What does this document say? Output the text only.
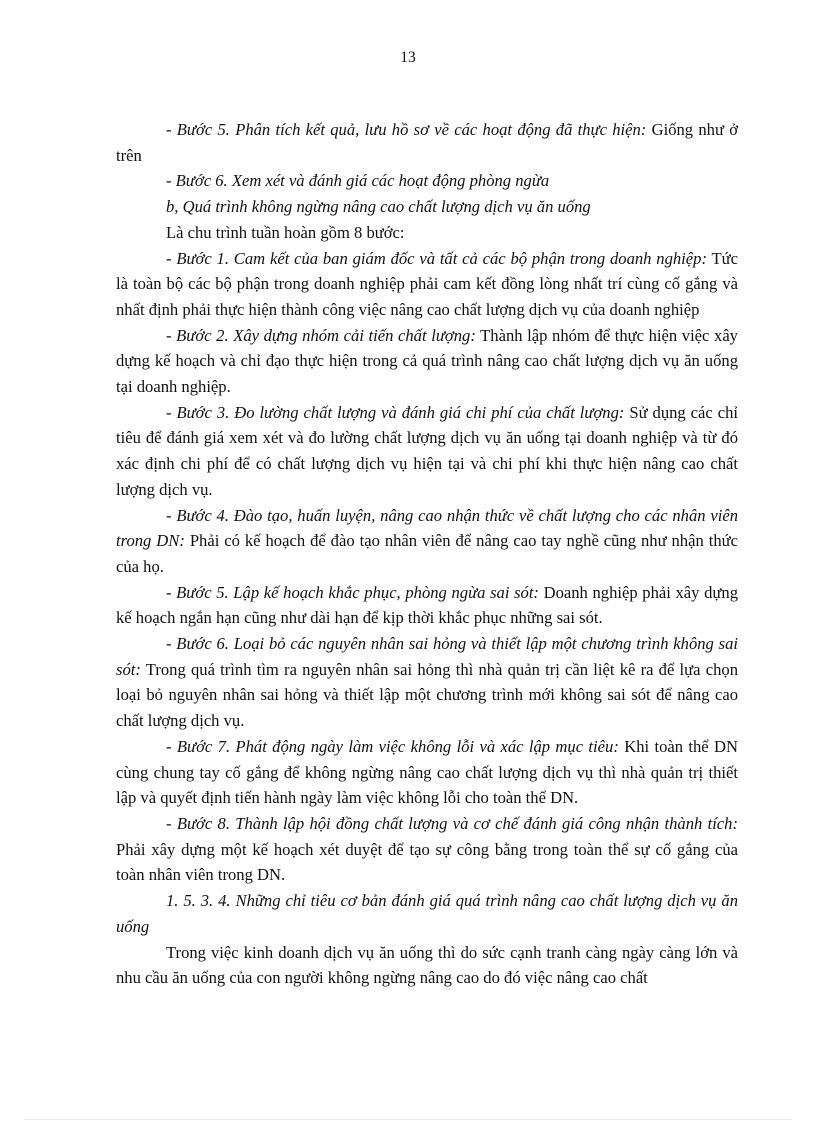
13

- Bước 5. Phân tích kết quả, lưu hồ sơ về các hoạt động đã thực hiện: Giống như ở trên

- Bước 6. Xem xét và đánh giá các hoạt động phòng ngừa

b, Quá trình không ngừng nâng cao chất lượng dịch vụ ăn uống

Là chu trình tuần hoàn gồm 8 bước:

- Bước 1. Cam kết của ban giám đốc và tất cả các bộ phận trong doanh nghiệp: Tức là toàn bộ các bộ phận trong doanh nghiệp phải cam kết đồng lòng nhất trí cùng cố gắng và nhất định phải thực hiện thành công việc nâng cao chất lượng dịch vụ của doanh nghiệp

- Bước 2. Xây dựng nhóm cải tiến chất lượng: Thành lập nhóm để thực hiện việc xây dựng kế hoạch và chỉ đạo thực hiện trong cả quá trình nâng cao chất lượng dịch vụ ăn uống tại doanh nghiệp.

- Bước 3. Đo lường chất lượng và đánh giá chi phí của chất lượng: Sử dụng các chỉ tiêu để đánh giá xem xét và đo lường chất lượng dịch vụ ăn uống tại doanh nghiệp và từ đó xác định chi phí để có chất lượng dịch vụ hiện tại và chi phí khi thực hiện nâng cao chất lượng dịch vụ.

- Bước 4. Đào tạo, huấn luyện, nâng cao nhận thức về chất lượng cho các nhân viên trong DN: Phải có kế hoạch để đào tạo nhân viên để nâng cao tay nghề cũng như nhận thức của họ.

- Bước 5. Lập kế hoạch khắc phục, phòng ngừa sai sót: Doanh nghiệp phải xây dựng kế hoạch ngắn hạn cũng như dài hạn để kịp thời khắc phục những sai sót.

- Bước 6. Loại bỏ các nguyên nhân sai hỏng và thiết lập một chương trình không sai sót: Trong quá trình tìm ra nguyên nhân sai hỏng thì nhà quản trị cần liệt kê ra để lựa chọn loại bỏ nguyên nhân sai hỏng và thiết lập một chương trình mới không sai sót để nâng cao chất lượng dịch vụ.

- Bước 7. Phát động ngày làm việc không lỗi và xác lập mục tiêu: Khi toàn thể DN cùng chung tay cố gắng để không ngừng nâng cao chất lượng dịch vụ thì nhà quản trị thiết lập và quyết định tiến hành ngày làm việc không lỗi cho toàn thể DN.

- Bước 8. Thành lập hội đồng chất lượng và cơ chế đánh giá công nhận thành tích: Phải xây dựng một kế hoạch xét duyệt để tạo sự công bằng trong toàn thể sự cố gắng của toàn nhân viên trong DN.

1. 5. 3. 4. Những chỉ tiêu cơ bản đánh giá quá trình nâng cao chất lượng dịch vụ ăn uống

Trong việc kinh doanh dịch vụ ăn uống thì do sức cạnh tranh càng ngày càng lớn và nhu cầu ăn uống của con người không ngừng nâng cao do đó việc nâng cao chất
